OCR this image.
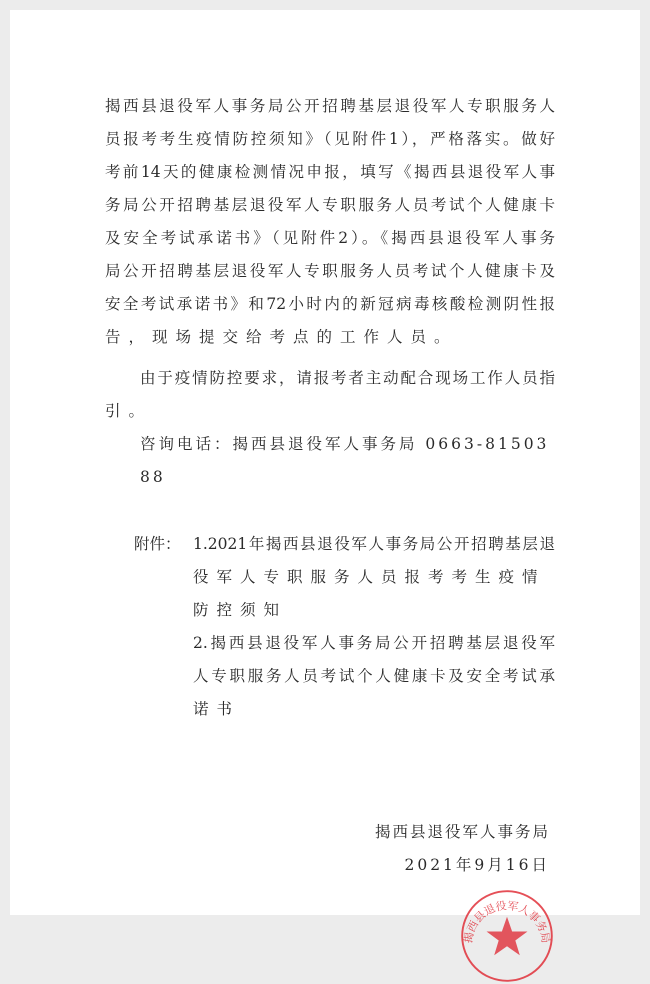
揭西县退役军人事务局公开招聘基层退役军人专职服务人
员报考考生疫情防控须知》（见附件1），严格落实。做好
考前14天的健康检测情况申报，填写《揭西县退役军人事
务局公开招聘基层退役军人专职服务人员考试个人健康卡
及安全考试承诺书》（见附件2）。《揭西县退役军人事务
局公开招聘基层退役军人专职服务人员考试个人健康卡及
安全考试承诺书》和72小时内的新冠病毒核酸检测阴性报
告，现场提交给考点的工作人员。
由于疫情防控要求，请报考者主动配合现场工作人员指
引。
咨询电话：揭西县退役军人事务局 0663-8150388
附件： 1.2021年揭西县退役军人事务局公开招聘基层退
役军人专职服务人员报考考生疫情防控须知
2.揭西县退役军人事务局公开招聘基层退役军
人专职服务人员考试个人健康卡及安全考试承
诺书
揭西县退役军人事务局
2021年9月16日
揭西县退役军人事务局
